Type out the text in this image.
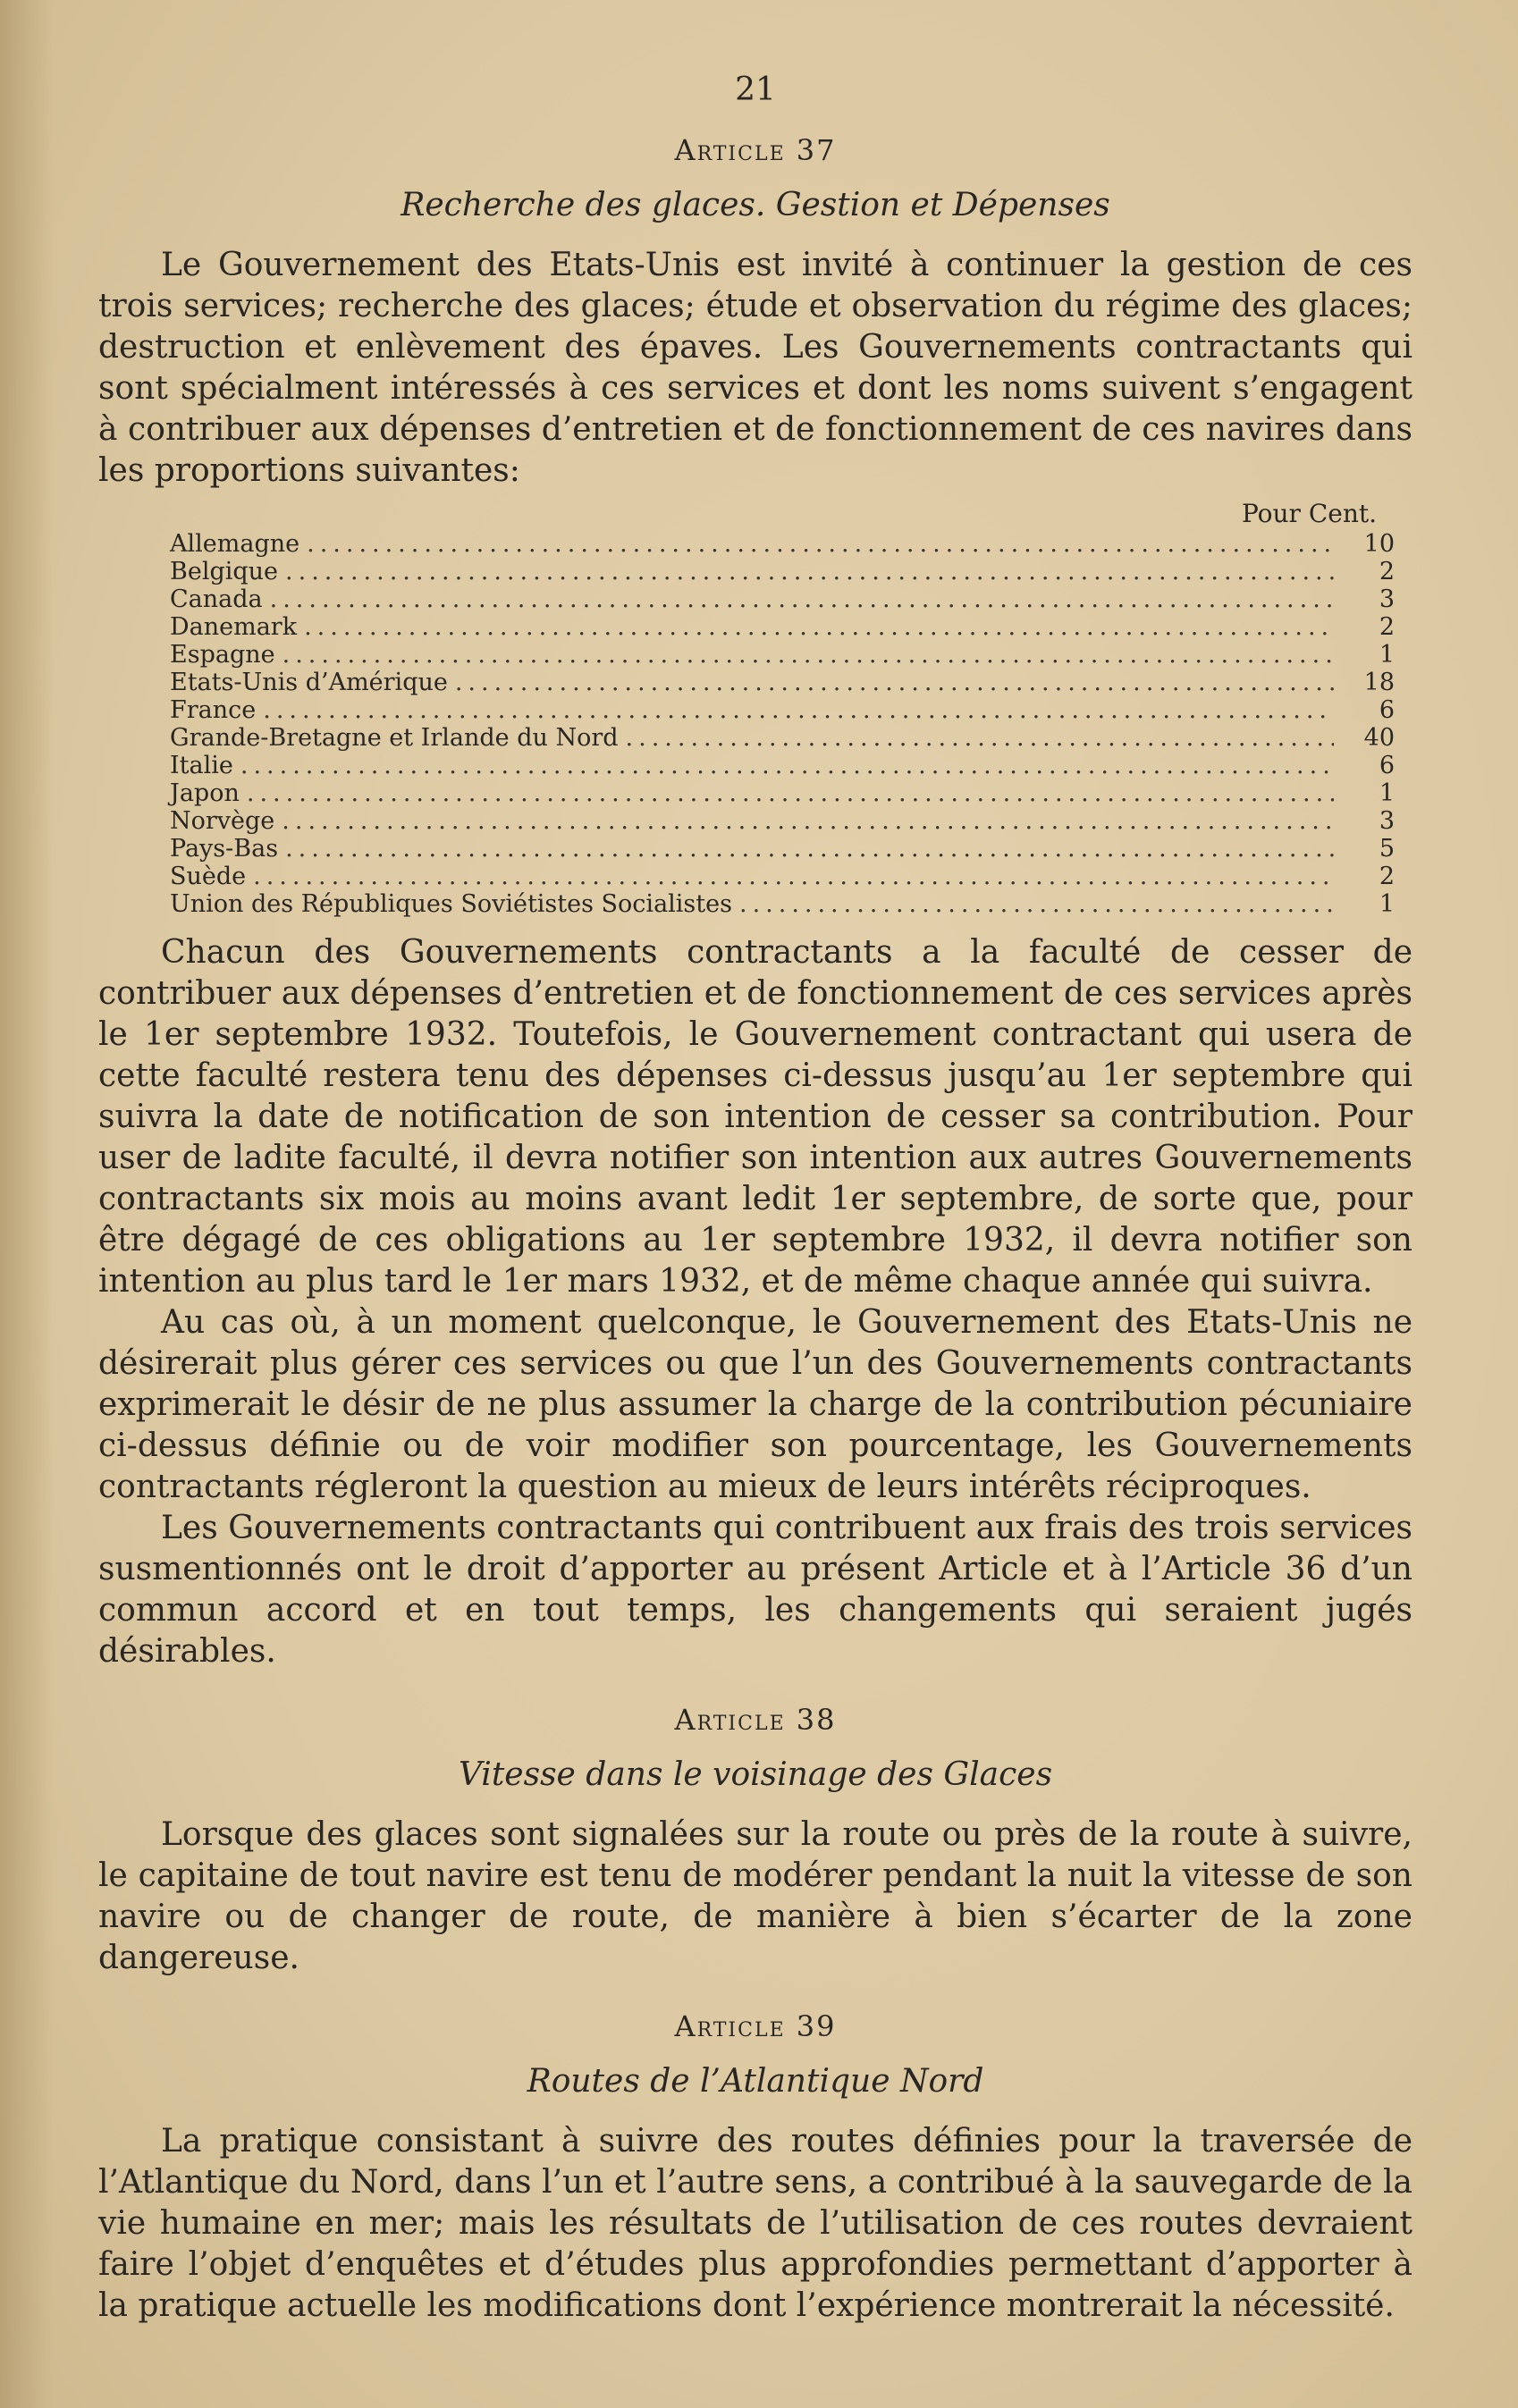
21
Article 37
Recherche des glaces. Gestion et Dépenses

Le Gouvernement des Etats-Unis est invité à continuer la gestion de ces trois services; recherche des glaces; étude et observation du régime des glaces; destruction et enlèvement des épaves. Les Gouvernements contractants qui sont spécialment intéressés à ces services et dont les noms suivent s’engagent à contribuer aux dépenses d’entretien et de fonctionnement de ces navires dans les proportions suivantes:

Pour Cent.
Allemagne .....	10
Belgique .....	2
Canada .....	3
Danemark .....	2
Espagne .....	1
Etats-Unis d’Amérique .....	18
France .....	6
Grande-Bretagne et Irlande du Nord .....	40
Italie .....	6
Japon .....	1
Norvège .....	3
Pays-Bas .....	5
Suède .....	2
Union des Républiques Soviétistes Socialistes .....	1

Chacun des Gouvernements contractants a la faculté de cesser de contribuer aux dépenses d’entretien et de fonctionnement de ces services après le 1er septembre 1932. Toutefois, le Gouvernement contractant qui usera de cette faculté restera tenu des dépenses ci-dessus jusqu’au 1er septembre qui suivra la date de notification de son intention de cesser sa contribution. Pour user de ladite faculté, il devra notifier son intention aux autres Gouvernements contractants six mois au moins avant ledit 1er septembre, de sorte que, pour être dégagé de ces obligations au 1er septembre 1932, il devra notifier son intention au plus tard le 1er mars 1932, et de même chaque année qui suivra.

Au cas où, à un moment quelconque, le Gouvernement des Etats-Unis ne désirerait plus gérer ces services ou que l’un des Gouvernements contractants exprimerait le désir de ne plus assumer la charge de la contribution pécuniaire ci-dessus définie ou de voir modifier son pourcentage, les Gouvernements contractants régleront la question au mieux de leurs intérêts réciproques.

Les Gouvernements contractants qui contribuent aux frais des trois services susmentionnés ont le droit d’apporter au présent Article et à l’Article 36 d’un commun accord et en tout temps, les changements qui seraient jugés désirables.

Article 38
Vitesse dans le voisinage des Glaces

Lorsque des glaces sont signalées sur la route ou près de la route à suivre, le capitaine de tout navire est tenu de modérer pendant la nuit la vitesse de son navire ou de changer de route, de manière à bien s’écarter de la zone dangereuse.

Article 39
Routes de l’Atlantique Nord

La pratique consistant à suivre des routes définies pour la traversée de l’Atlantique du Nord, dans l’un et l’autre sens, a contribué à la sauvegarde de la vie humaine en mer; mais les résultats de l’utilisation de ces routes devraient faire l’objet d’enquêtes et d’études plus approfondies permettant d’apporter à la pratique actuelle les modifications dont l’expérience montrerait la nécessité.
